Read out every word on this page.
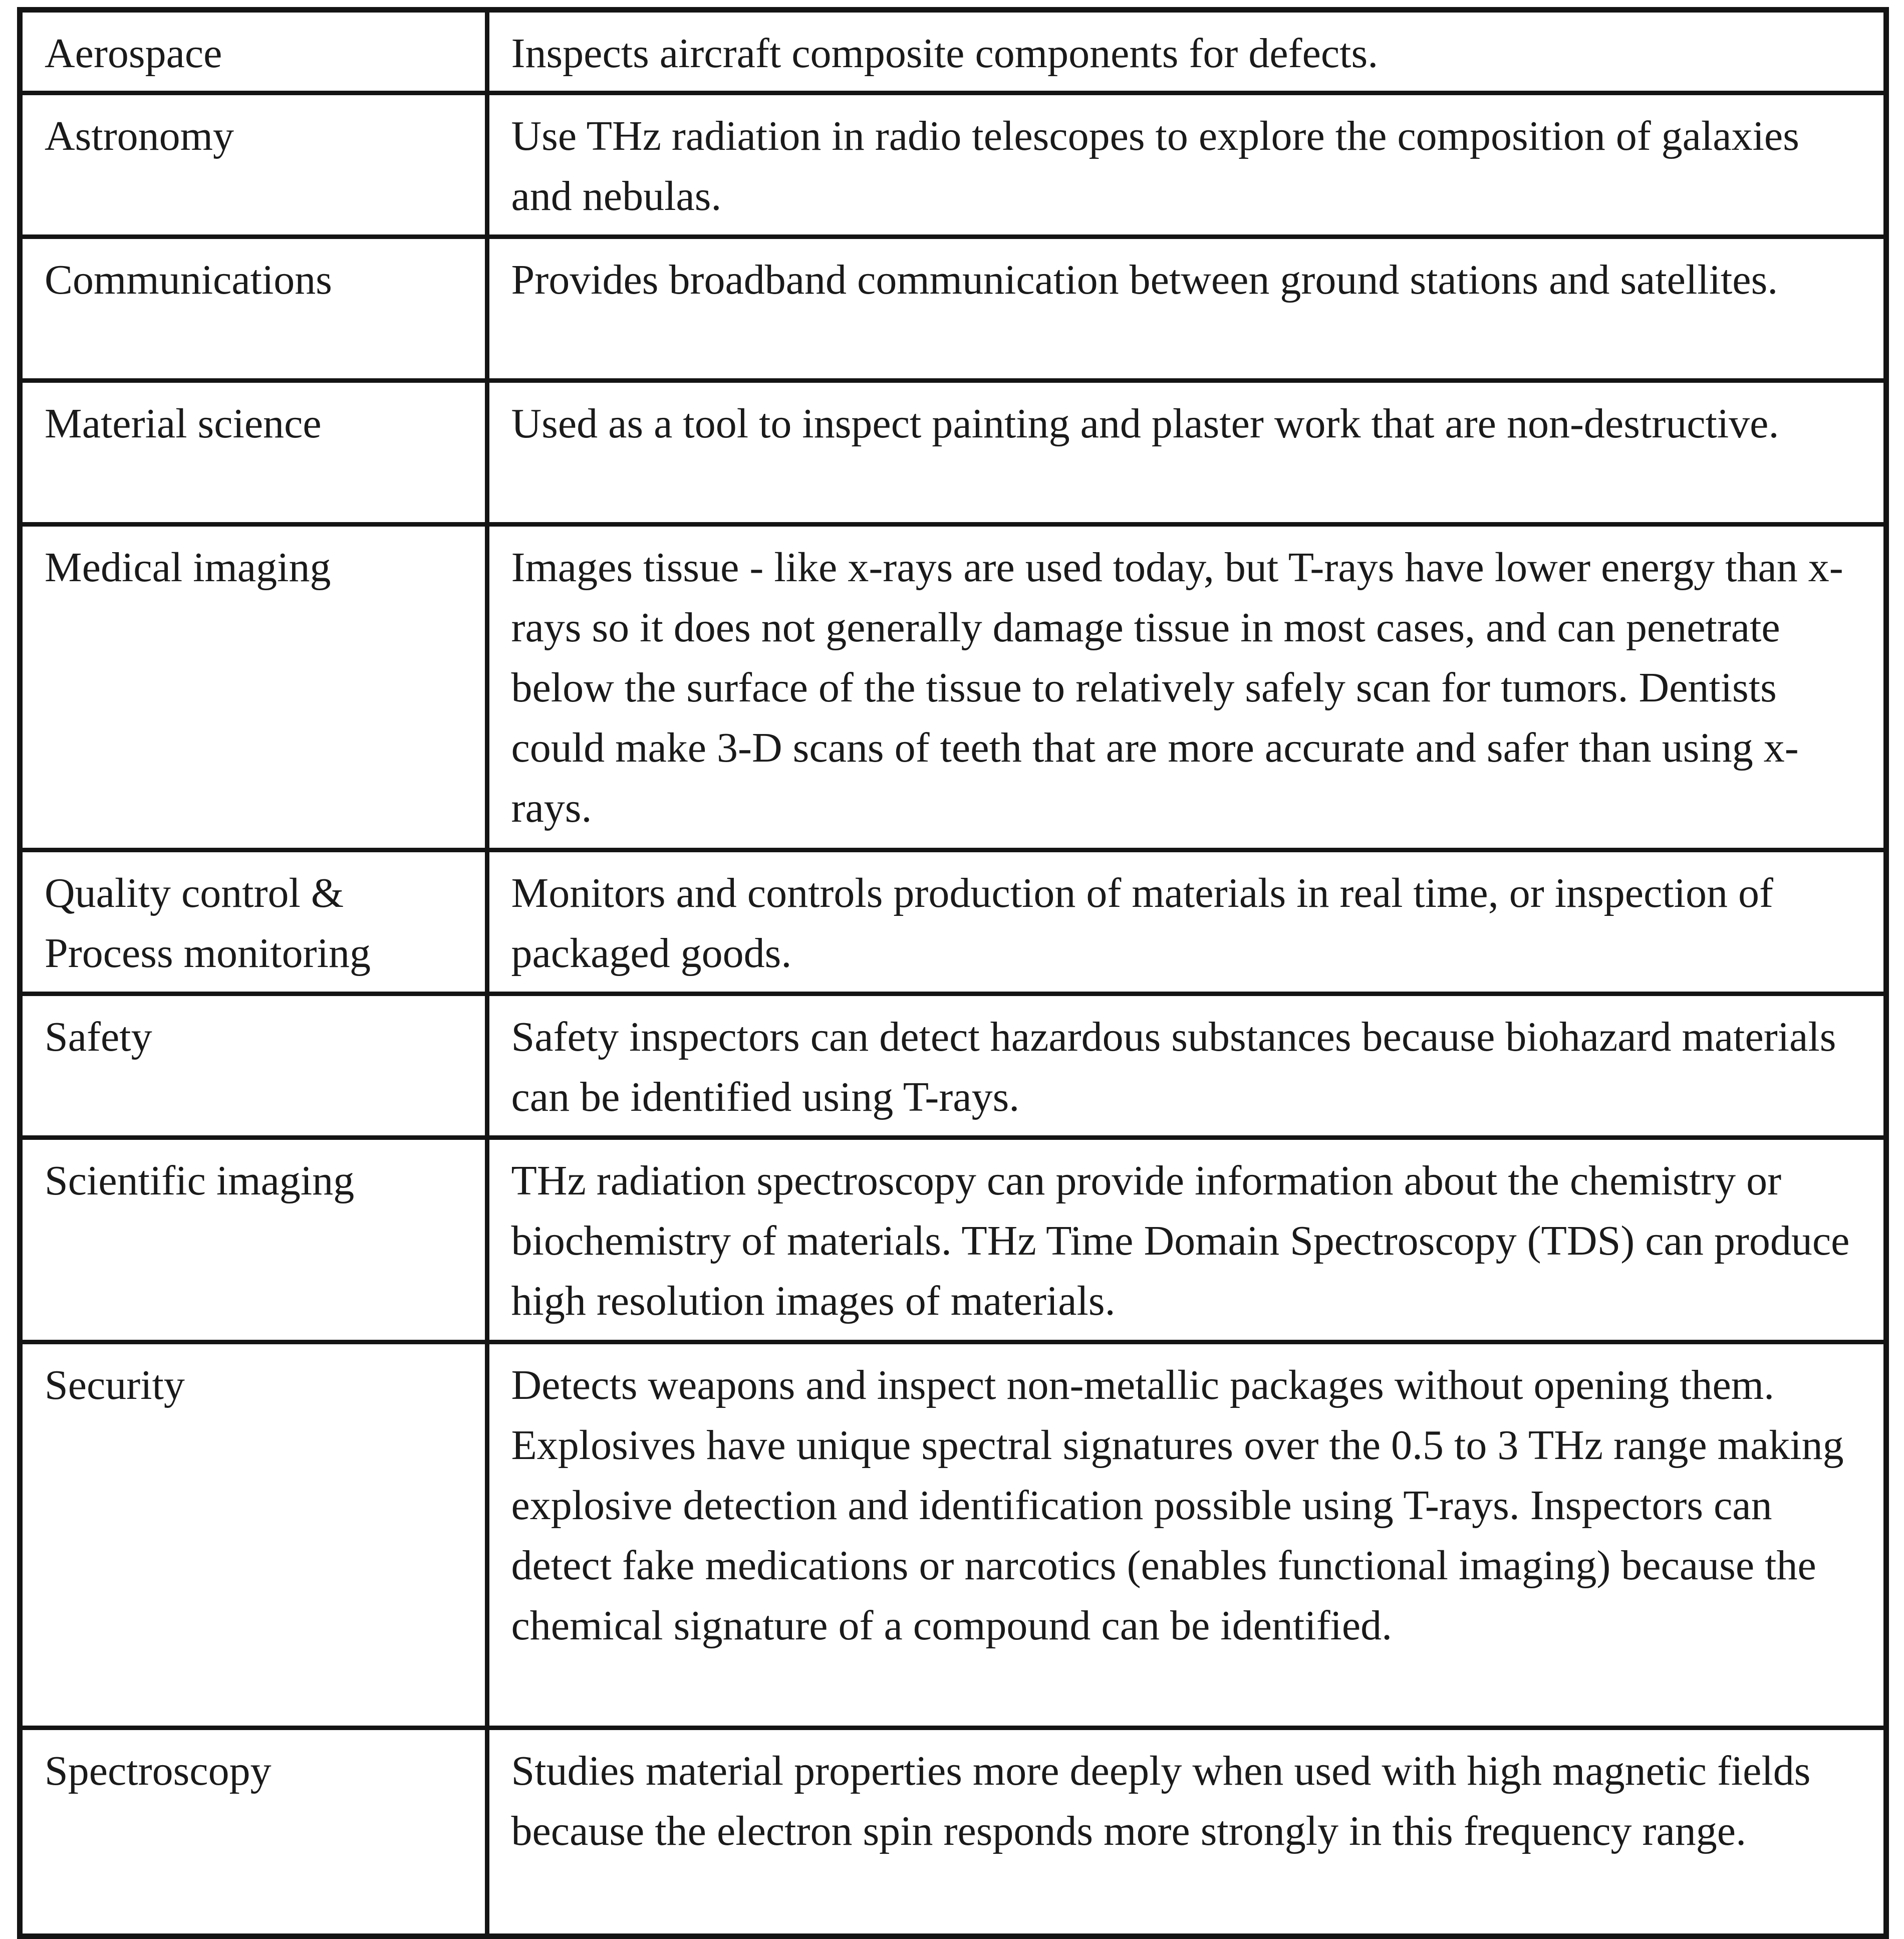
Aerospace	Inspects aircraft composite components for defects.

Astronomy	Use THz radiation in radio telescopes to explore the composition of galaxies and nebulas.

Communications	Provides broadband communication between ground stations and satellites.

Material science	Used as a tool to inspect painting and plaster work that are non-destructive.

Medical imaging	Images tissue - like x-rays are used today, but T-rays have lower energy than x-rays so it does not generally damage tissue in most cases, and can penetrate below the surface of the tissue to relatively safely scan for tumors. Dentists could make 3-D scans of teeth that are more accurate and safer than using x-rays.

Quality control & Process monitoring	Monitors and controls production of materials in real time, or inspection of packaged goods.

Safety	Safety inspectors can detect hazardous substances because biohazard materials can be identified using T-rays.

Scientific imaging	THz radiation spectroscopy can provide information about the chemistry or biochemistry of materials. THz Time Domain Spectroscopy (TDS) can produce high resolution images of materials.

Security	Detects weapons and inspect non-metallic packages without opening them. Explosives have unique spectral signatures over the 0.5 to 3 THz range making explosive detection and identification possible using T-rays. Inspectors can detect fake medications or narcotics (enables functional imaging) because the chemical signature of a compound can be identified.

Spectroscopy	Studies material properties more deeply when used with high magnetic fields because the electron spin responds more strongly in this frequency range.
